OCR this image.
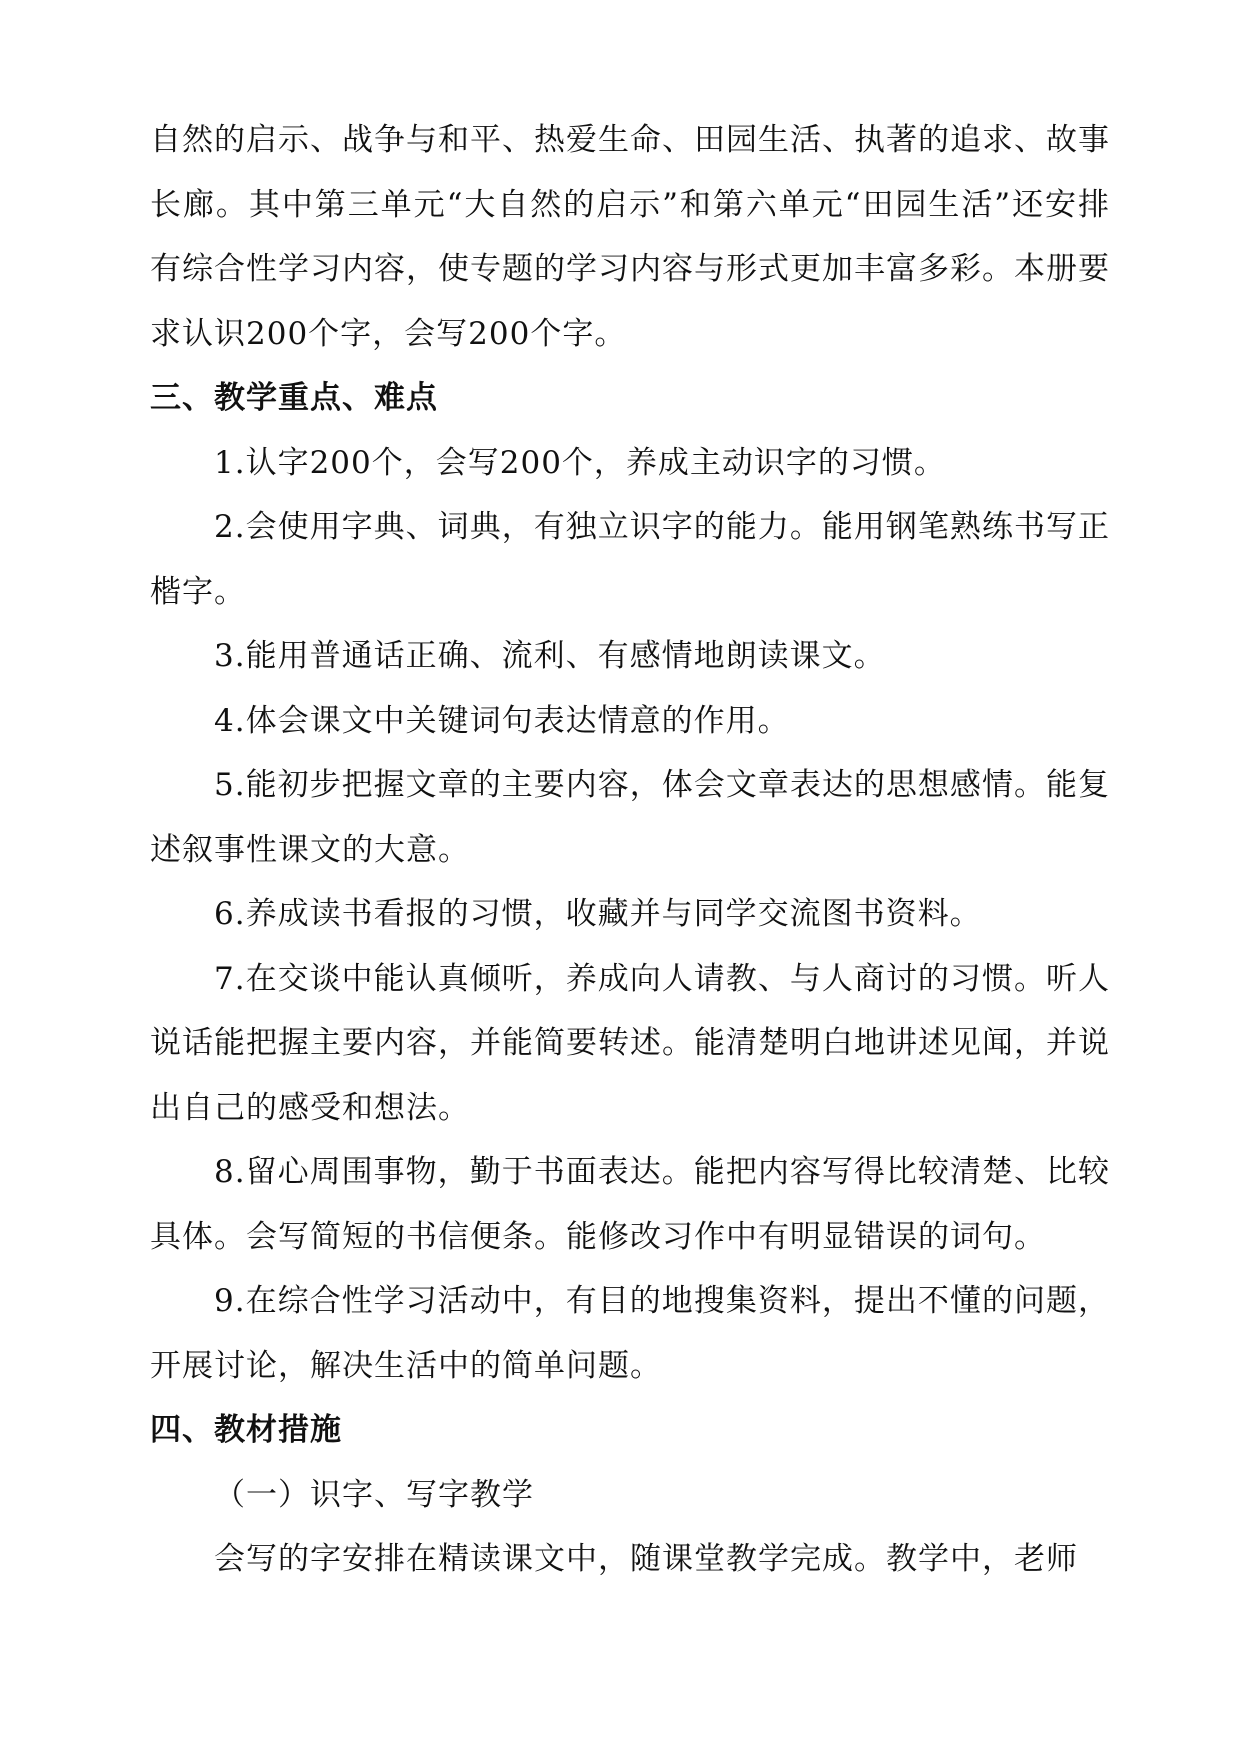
自然的启示、战争与和平、热爱生命、田园生活、执著的追求、故事长廊。其中第三单元“大自然的启示”和第六单元“田园生活”还安排有综合性学习内容，使专题的学习内容与形式更加丰富多彩。本册要求认识200个字，会写200个字。

三、教学重点、难点

1.认字200个，会写200个，养成主动识字的习惯。

2.会使用字典、词典，有独立识字的能力。能用钢笔熟练书写正楷字。

3.能用普通话正确、流利、有感情地朗读课文。

4.体会课文中关键词句表达情意的作用。

5.能初步把握文章的主要内容，体会文章表达的思想感情。能复述叙事性课文的大意。

6.养成读书看报的习惯，收藏并与同学交流图书资料。

7.在交谈中能认真倾听，养成向人请教、与人商讨的习惯。听人说话能把握主要内容，并能简要转述。能清楚明白地讲述见闻，并说出自己的感受和想法。

8.留心周围事物，勤于书面表达。能把内容写得比较清楚、比较具体。会写简短的书信便条。能修改习作中有明显错误的词句。

9.在综合性学习活动中，有目的地搜集资料，提出不懂的问题，开展讨论，解决生活中的简单问题。

四、教材措施

（一）识字、写字教学

会写的字安排在精读课文中，随课堂教学完成。教学中，老师
